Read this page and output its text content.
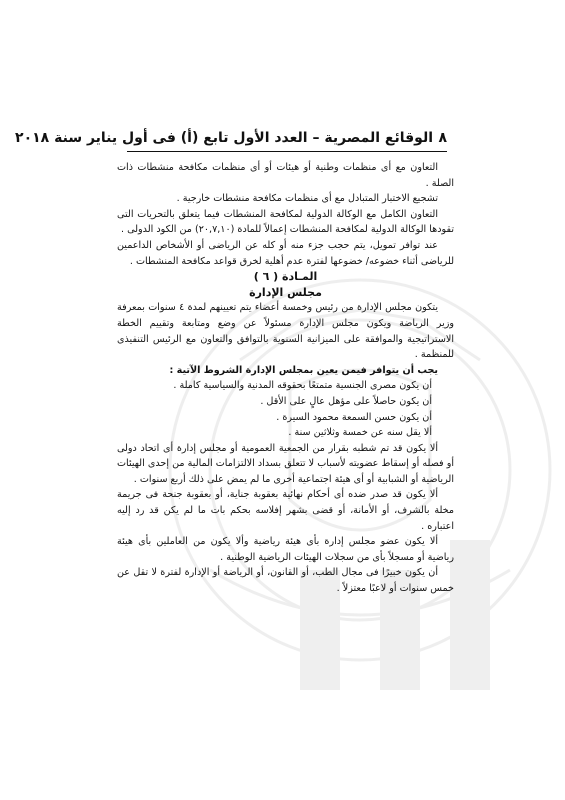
٨
الوقائع المصرية – العدد الأول تابع (أ) فى أول يناير سنة ٢٠١٨

التعاون مع أى منظمات وطنية أو هيئات أو أى منظمات مكافحة منشطات ذات الصلة .

تشجيع الاختبار المتبادل مع أى منظمات مكافحة منشطات خارجية .

التعاون الكامل مع الوكالة الدولية لمكافحة المنشطات فيما يتعلق بالتحريات التى تقودها الوكالة الدولية لمكافحة المنشطات إعمالاً للمادة (٢٠,٧,١٠) من الكود الدولى .

عند توافر تمويل، يتم حجب جزء منه أو كله عن الرياضى أو الأشخاص الداعمين للرياضى أثناء خضوعه/ خضوعها لفترة عدم أهلية لخرق قواعد مكافحة المنشطات .

المـادة ( ٦ )

مجلس الإدارة

يتكون مجلس الإدارة من رئيس وخمسة أعضاء يتم تعيينهم لمدة ٤ سنوات بمعرفة وزير الرياضة ويكون مجلس الإدارة مسئولاً عن وضع ومتابعة وتقييم الخطة الاستراتيجية والموافقة على الميزانية السنوية بالتوافق والتعاون مع الرئيس التنفيذى للمنظمة .

يجب أن يتوافر فيمن يعين بمجلس الإدارة الشروط الآتية :

أن يكون مصرى الجنسية متمتعًا بحقوقه المدنية والسياسية كاملة .

أن يكون حاصلاً على مؤهل عالٍ على الأقل .

أن يكون حسن السمعة محمود السيرة .

ألا يقل سنه عن خمسة وثلاثين سنة .

ألا يكون قد تم شطبه بقرار من الجمعية العمومية أو مجلس إدارة أى اتحاد دولى أو فصله أو إسقاط عضويته لأسباب لا تتعلق بسداد الالتزامات المالية من إحدى الهيئات الرياضية أو الشبابية أو أى هيئة اجتماعية أخرى ما لم يمض على ذلك أربع سنوات .

ألا يكون قد صدر ضده أى أحكام نهائية بعقوبة جناية، أو بعقوبة جنحة فى جريمة مخلة بالشرف، أو الأمانة، أو قضى بشهر إفلاسه بحكم بات ما لم يكن قد رد إليه اعتباره .

ألا يكون عضو مجلس إدارة بأى هيئة رياضية وألا يكون من العاملين بأى هيئة رياضية أو مسجلاً بأى من سجلات الهيئات الرياضية الوطنية .

أن يكون خبيرًا فى مجال الطب، أو القانون، أو الرياضة أو الإدارة لفترة لا تقل عن خمس سنوات أو لاعبًا معتزلاً .
